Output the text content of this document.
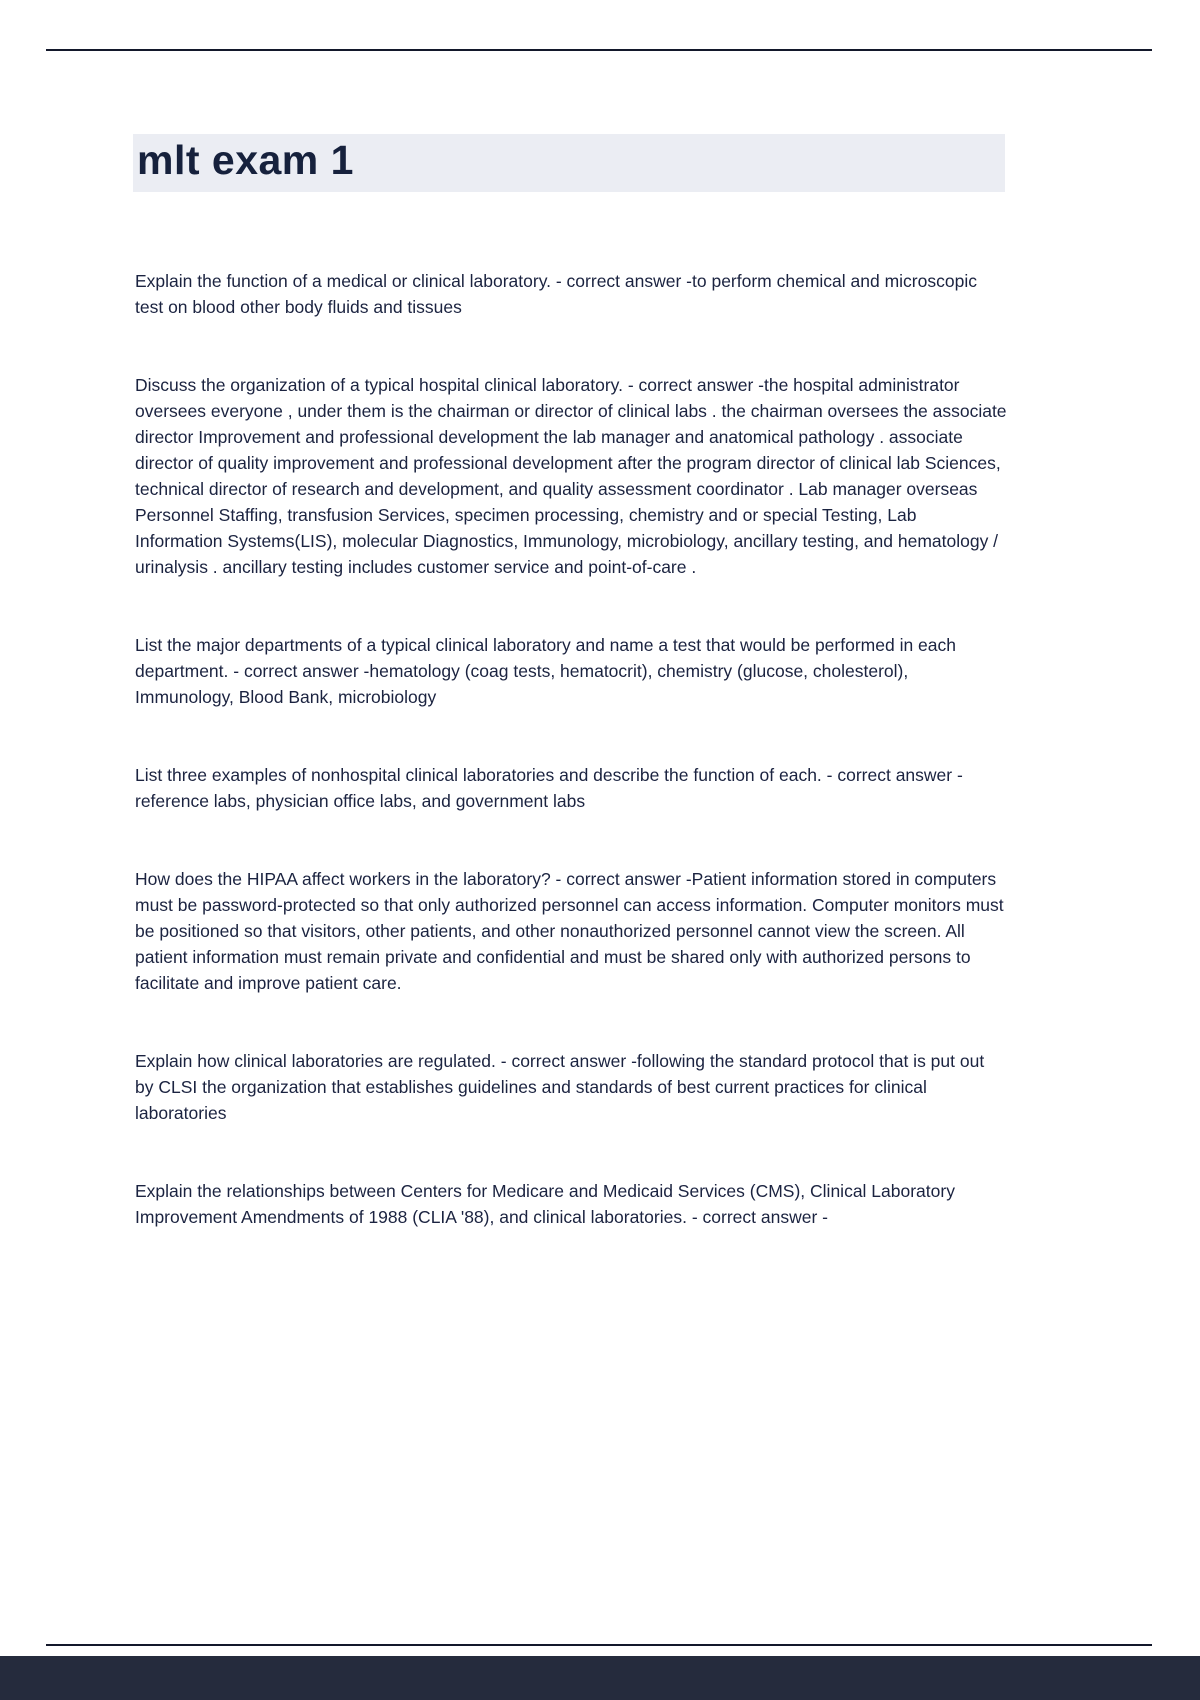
mlt exam 1

Explain the function of a medical or clinical laboratory. - correct answer -to perform chemical and microscopic test on blood other body fluids and tissues

Discuss the organization of a typical hospital clinical laboratory. - correct answer -the hospital administrator oversees everyone , under them is the chairman or director of clinical labs . the chairman oversees the associate director Improvement and professional development the lab manager and anatomical pathology . associate director of quality improvement and professional development after the program director of clinical lab Sciences, technical director of research and development, and quality assessment coordinator . Lab manager overseas Personnel Staffing, transfusion Services, specimen processing, chemistry and or special Testing, Lab Information Systems(LIS), molecular Diagnostics, Immunology, microbiology, ancillary testing, and hematology / urinalysis . ancillary testing includes customer service and point-of-care .

List the major departments of a typical clinical laboratory and name a test that would be performed in each department. - correct answer -hematology (coag tests, hematocrit), chemistry (glucose, cholesterol), Immunology, Blood Bank, microbiology

List three examples of nonhospital clinical laboratories and describe the function of each. - correct answer -reference labs, physician office labs, and government labs

How does the HIPAA affect workers in the laboratory? - correct answer -Patient information stored in computers must be password-protected so that only authorized personnel can access information. Computer monitors must be positioned so that visitors, other patients, and other nonauthorized personnel cannot view the screen. All patient information must remain private and confidential and must be shared only with authorized persons to facilitate and improve patient care.

Explain how clinical laboratories are regulated. - correct answer -following the standard protocol that is put out by CLSI the organization that establishes guidelines and standards of best current practices for clinical laboratories

Explain the relationships between Centers for Medicare and Medicaid Services (CMS), Clinical Laboratory Improvement Amendments of 1988 (CLIA '88), and clinical laboratories. - correct answer -
